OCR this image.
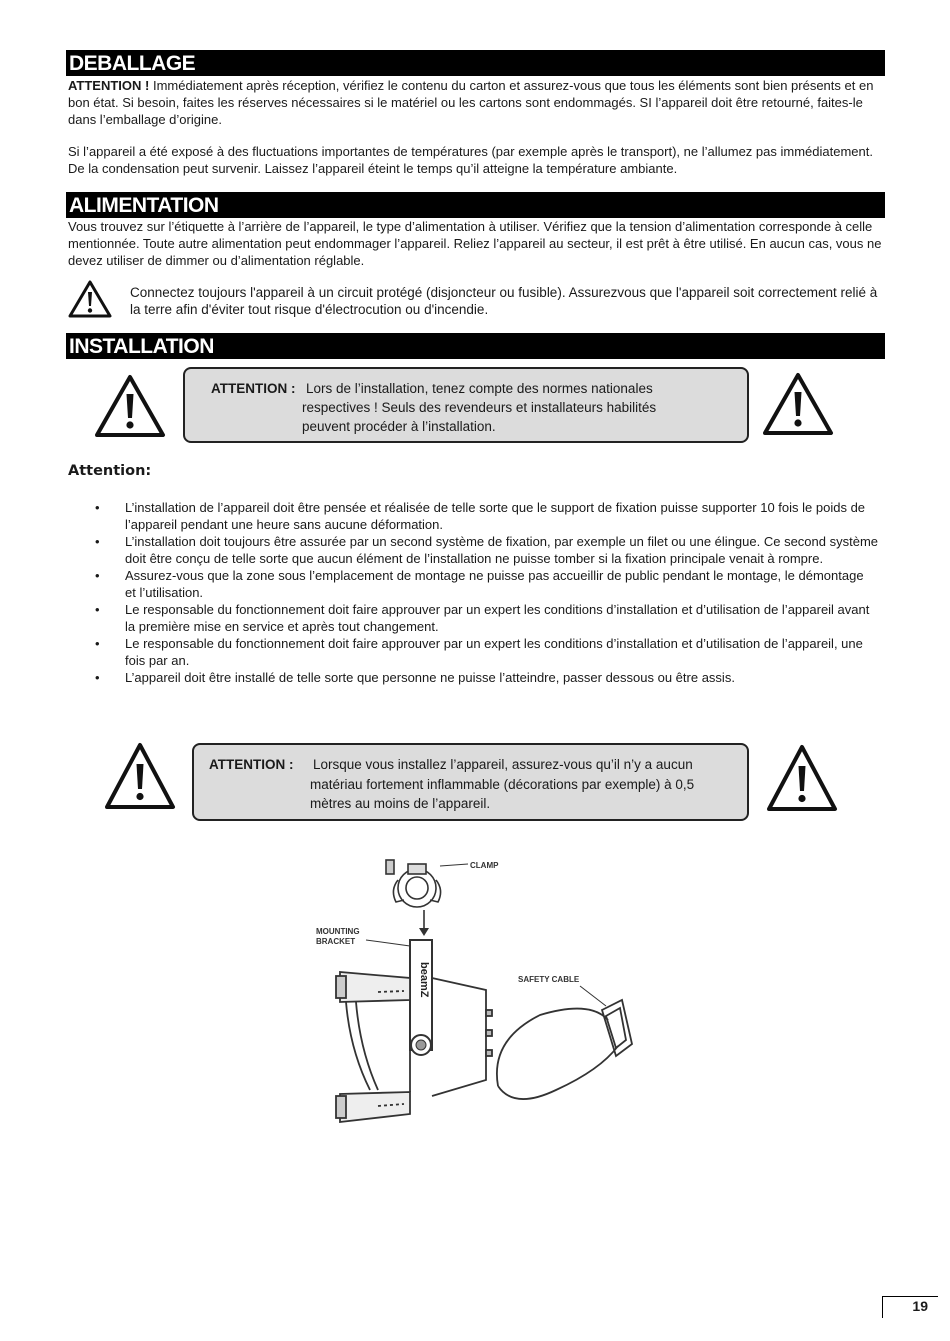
DEBALLAGE

ATTENTION ! Immédiatement après réception, vérifiez le contenu du carton et assurez-vous que tous les éléments sont bien présents et en bon état. Si besoin, faites les réserves nécessaires si le matériel ou les cartons sont endommagés. SI l’appareil doit être retourné, faites-le dans l’emballage d’origine.

Si l’appareil a été exposé à des fluctuations importantes de températures (par exemple après le transport), ne l’allumez pas immédiatement. De la condensation peut survenir. Laissez l’appareil éteint le temps qu’il atteigne la température ambiante.

ALIMENTATION

Vous trouvez sur l’étiquette à l’arrière de l’appareil, le type d’alimentation à utiliser. Vérifiez que la tension d’alimentation corresponde à celle mentionnée. Toute autre alimentation peut endommager l’appareil. Reliez l’appareil au secteur, il est prêt à être utilisé. En aucun cas, vous ne devez utiliser de dimmer ou d’alimentation réglable.

Connectez toujours l'appareil à un circuit protégé (disjoncteur ou fusible). Assurezvous que l'appareil soit correctement relié à la terre afin d'éviter tout risque d'électrocution ou d'incendie.

INSTALLATION
ATTENTION : Lors de l’installation, tenez compte des normes nationales
respectives ! Seuls des revendeurs et installateurs habilités
peuvent procéder à l’installation.
Attention:
• L’installation de l’appareil doit être pensée et réalisée de telle sorte que le support de fixation puisse supporter 10 fois le poids de l’appareil pendant une heure sans aucune déformation.
• L’installation doit toujours être assurée par un second système de fixation, par exemple un filet ou une élingue. Ce second système doit être conçu de telle sorte que aucun élément de l’installation ne puisse tomber si la fixation principale venait à rompre.
• Assurez-vous que la zone sous l’emplacement de montage ne puisse pas accueillir de public pendant le montage, le démontage et l’utilisation.
• Le responsable du fonctionnement doit faire approuver par un expert les conditions d’installation et d’utilisation de l’appareil avant la première mise en service et après tout changement.
• Le responsable du fonctionnement doit faire approuver par un expert les conditions d’installation et d’utilisation de l’appareil, une fois par an.
• L’appareil doit être installé de telle sorte que personne ne puisse l’atteindre, passer dessous ou être assis.
ATTENTION : Lorsque vous installez l’appareil, assurez-vous qu’il n’y a aucun
matériau fortement inflammable (décorations par exemple) à 0,5
mètres au moins de l’appareil.
CLAMP
MOUNTING
BRACKET
beamZ	SAFETY CABLE
19
